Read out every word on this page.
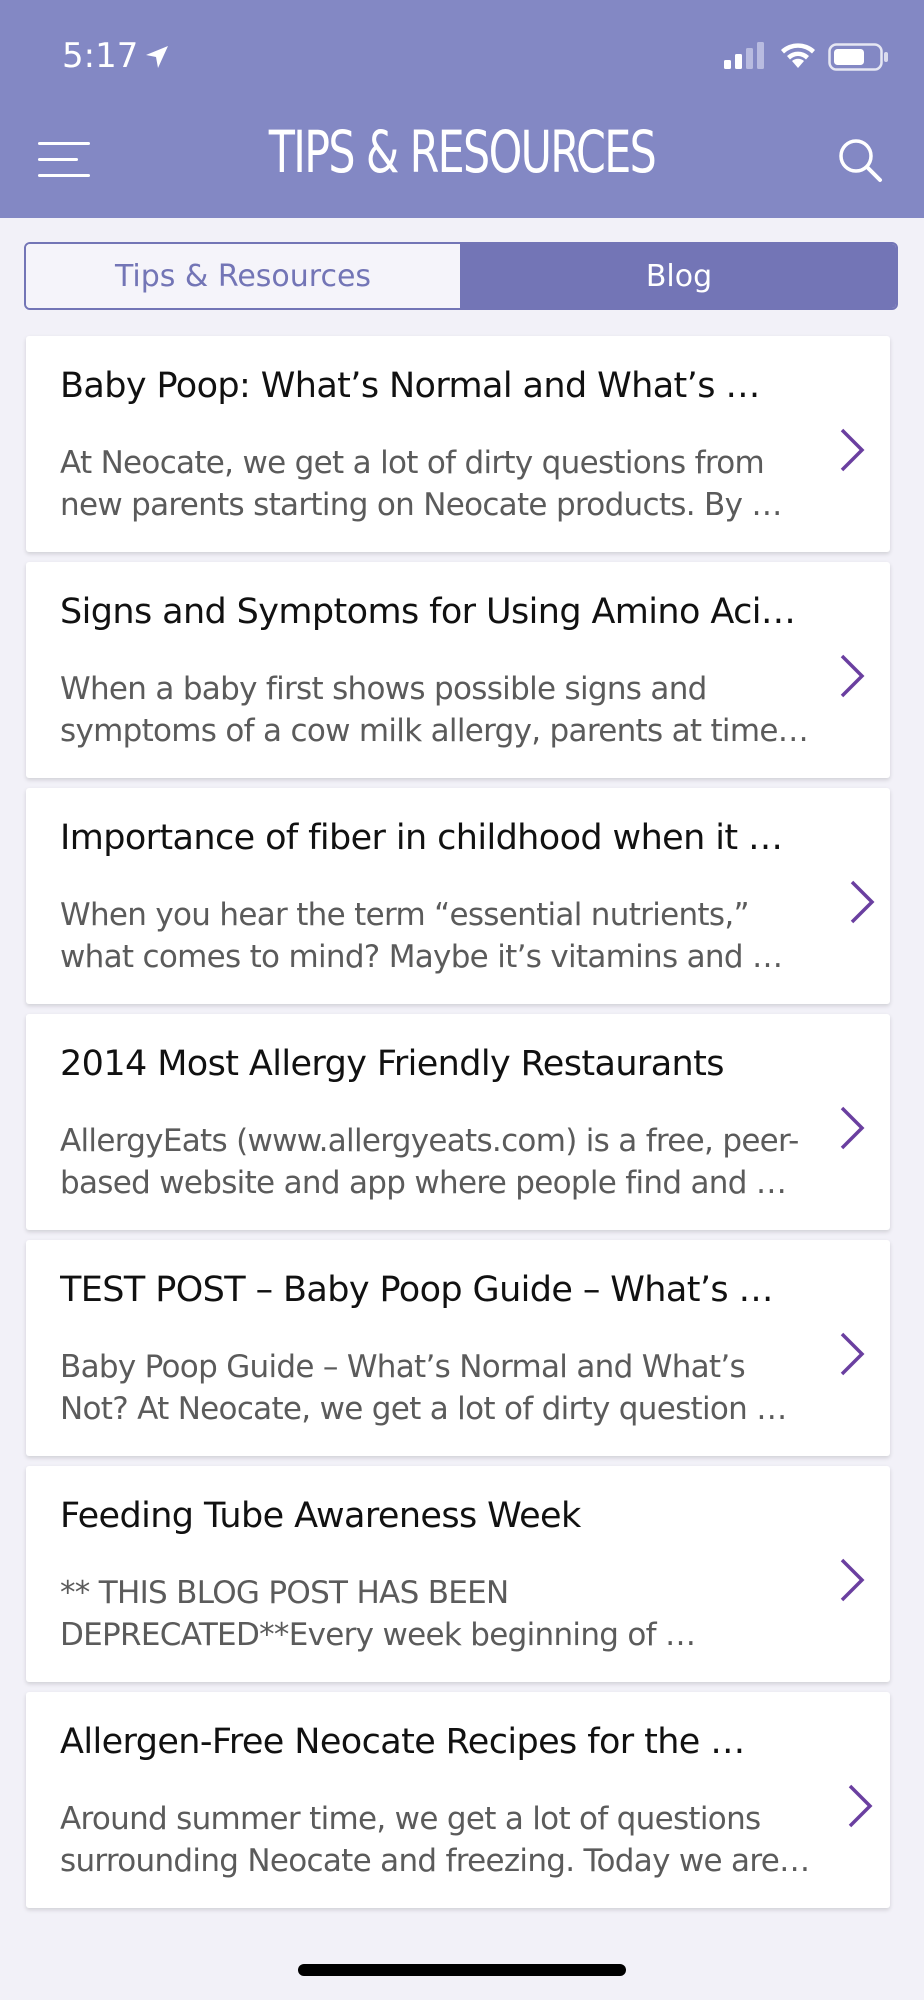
5:17
TIPS & RESOURCES
Tips & Resources	Blog
Baby Poop: What’s Normal and What’s …
At Neocate, we get a lot of dirty questions from
new parents starting on Neocate products. By …
Signs and Symptoms for Using Amino Aci…
When a baby first shows possible signs and
symptoms of a cow milk allergy, parents at time…
Importance of fiber in childhood when it …
When you hear the term “essential nutrients,”
what comes to mind? Maybe it’s vitamins and …
2014 Most Allergy Friendly Restaurants
AllergyEats (www.allergyeats.com) is a free, peer-
based website and app where people find and …
TEST POST – Baby Poop Guide – What’s …
Baby Poop Guide – What’s Normal and What’s
Not? At Neocate, we get a lot of dirty question …
Feeding Tube Awareness Week
** THIS BLOG POST HAS BEEN
DEPRECATED**Every week beginning of …
Allergen-Free Neocate Recipes for the …
Around summer time, we get a lot of questions
surrounding Neocate and freezing. Today we are…
